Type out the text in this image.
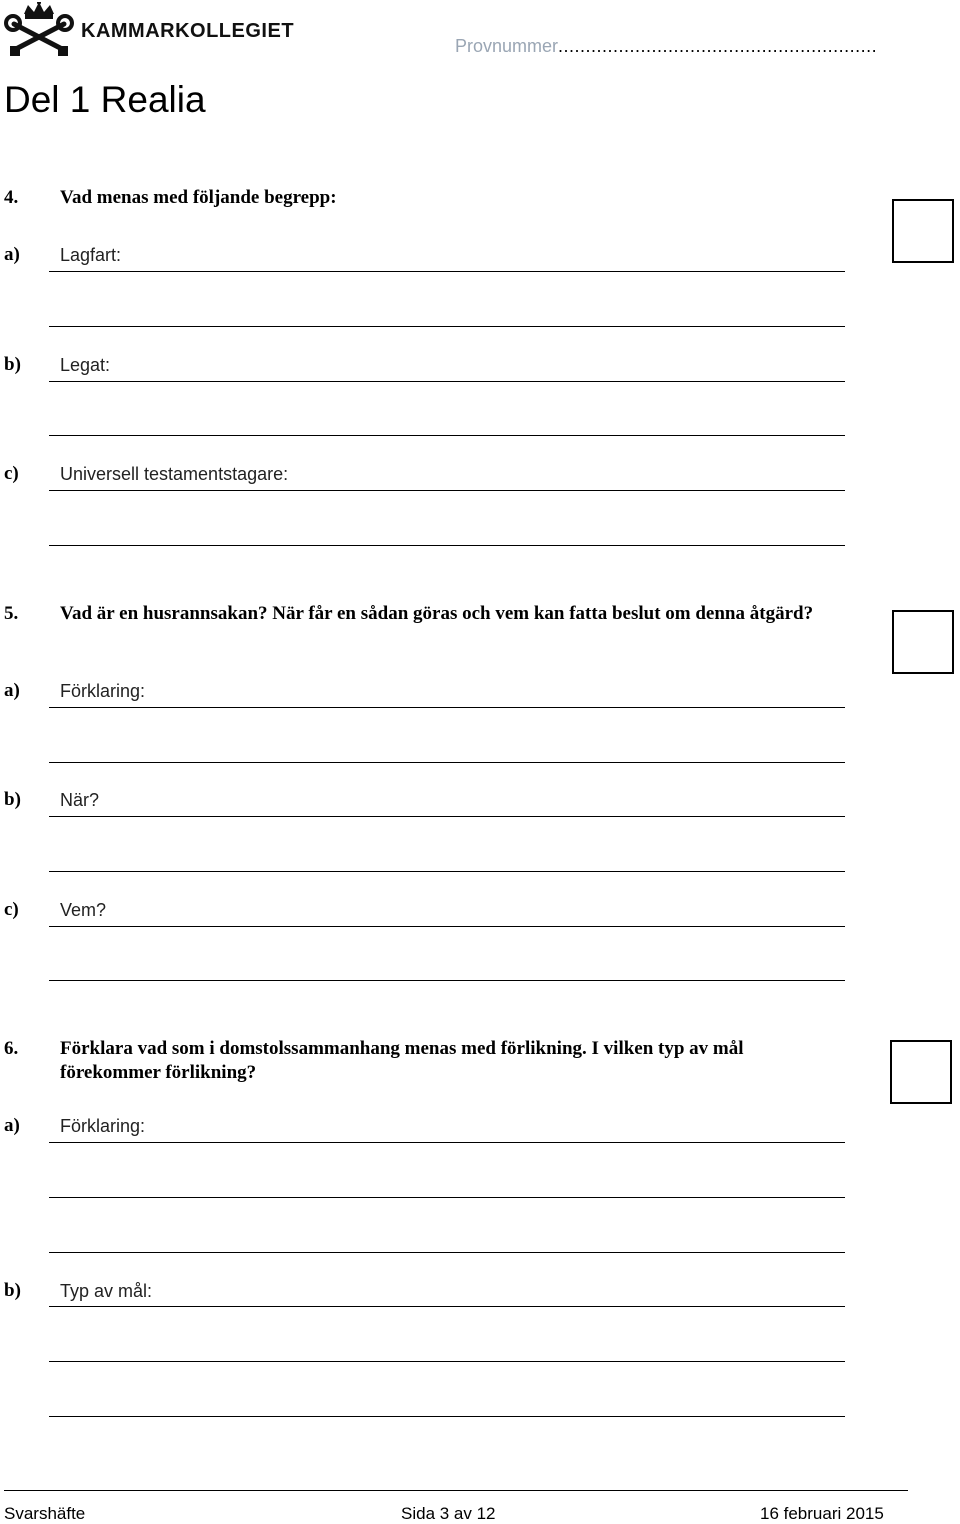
KAMMARKOLLEGIET
Provnummer..........................................................
Del 1 Realia
4. Vad menas med följande begrepp:
a) Lagfart:
b) Legat:
c) Universell testamentstagare:
5. Vad är en husrannsakan? När får en sådan göras och vem kan fatta beslut om denna åtgärd?
a) Förklaring:
b) När?
c) Vem?
6. Förklara vad som i domstolssammanhang menas med förlikning. I vilken typ av mål förekommer förlikning?
a) Förklaring:
b) Typ av mål:
Svarshäfte	Sida 3 av 12	16 februari 2015
